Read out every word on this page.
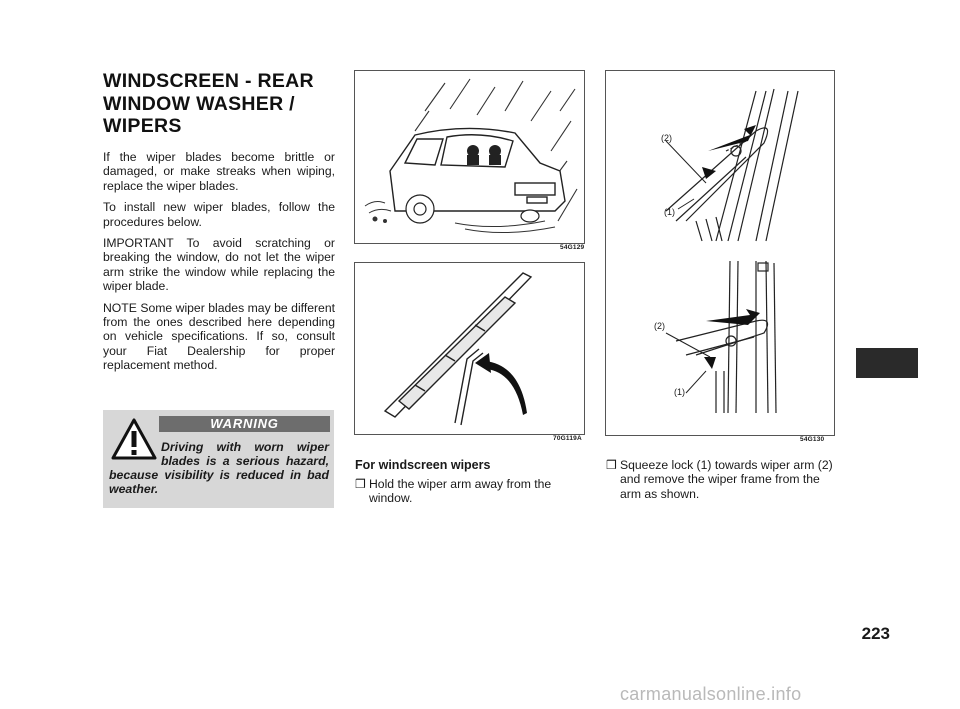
WINDSCREEN - REAR WINDOW WASHER / WIPERS

If the wiper blades become brittle or damaged, or make streaks when wiping, replace the wiper blades.

To install new wiper blades, follow the procedures below.

IMPORTANT To avoid scratching or breaking the window, do not let the wiper arm strike the window while replacing the wiper blade.

NOTE Some wiper blades may be different from the ones described here depending on vehicle specifications. If so, consult your Fiat Dealership for proper replacement method.

WARNING
Driving with worn wiper blades is a serious hazard, because visibility is reduced in bad weather.
54G129
70G119A
(2)
(1)
(2)
(1)
54G130
For windscreen wipers
❒ Hold the wiper arm away from the window.
❒ Squeeze lock (1) towards wiper arm (2) and remove the wiper frame from the arm as shown.
223
carmanualsonline.info
